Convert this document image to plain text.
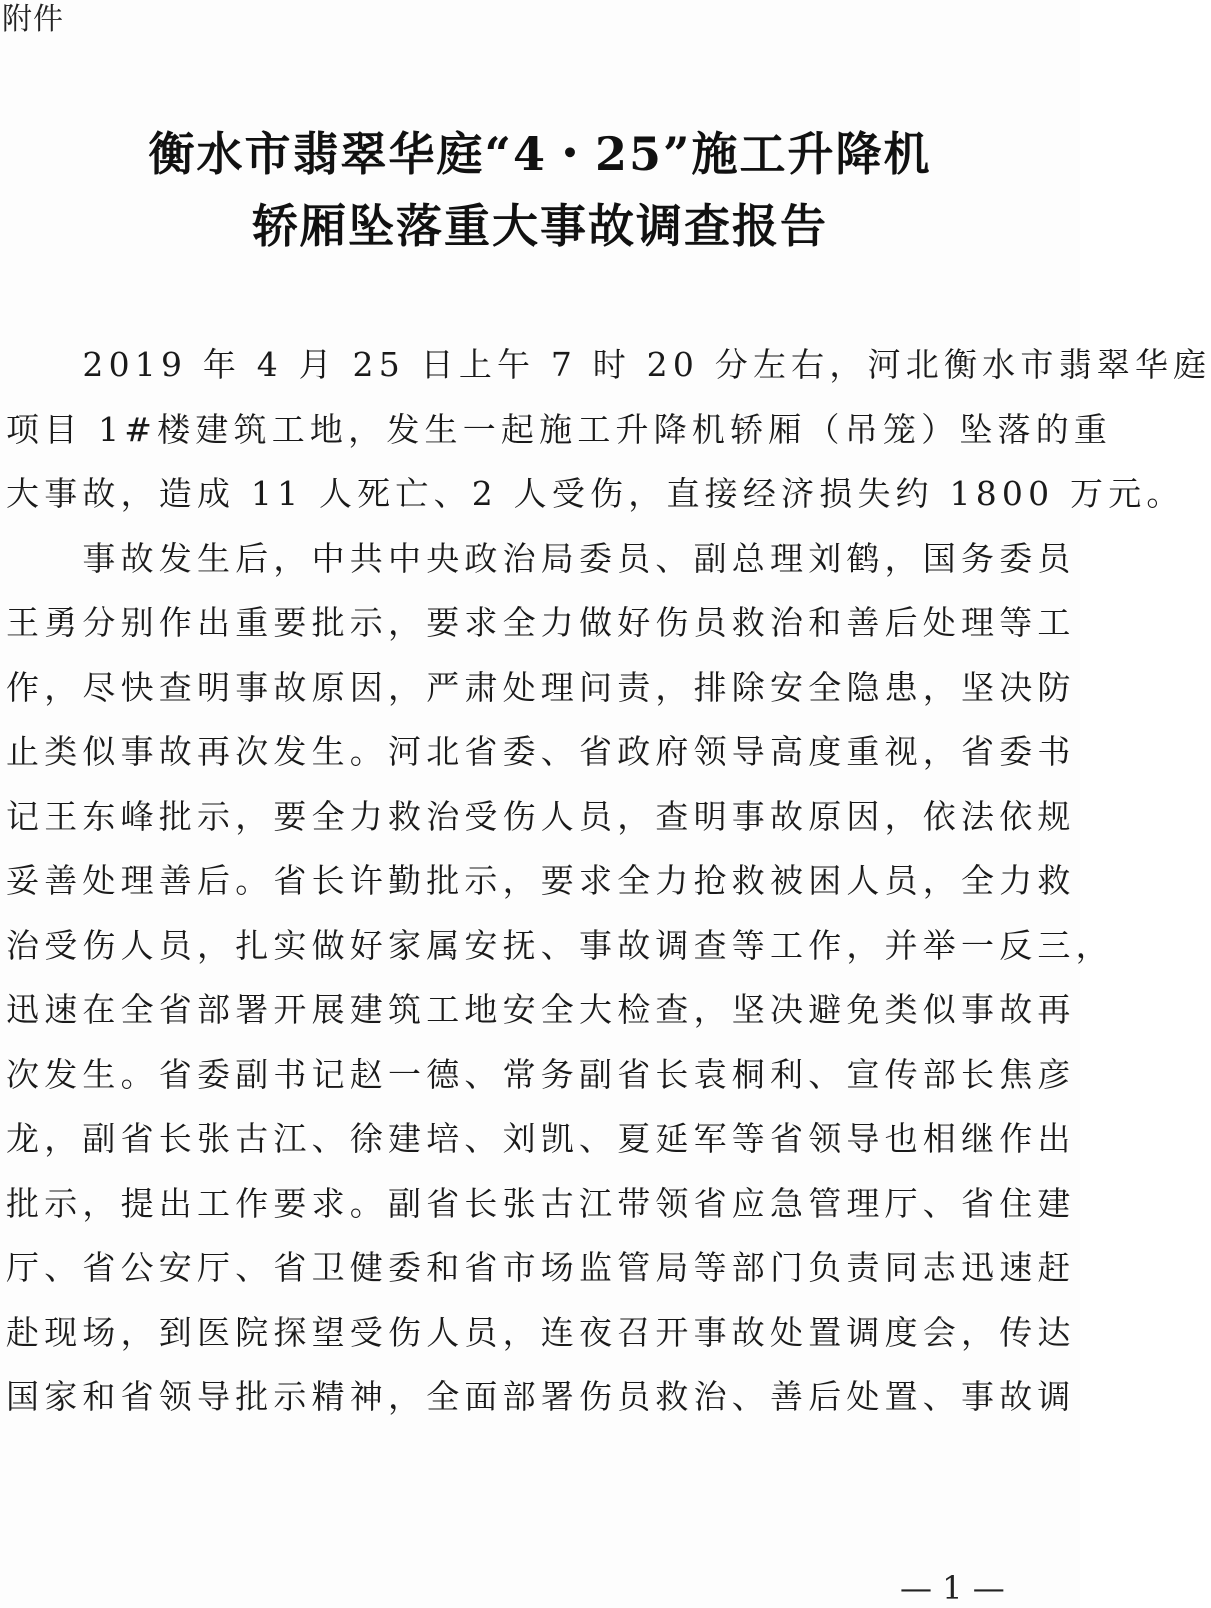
附件
衡水市翡翠华庭“4・25”施工升降机
轿厢坠落重大事故调查报告
　　2019 年 4 月 25 日上午 7 时 20 分左右，河北衡水市翡翠华庭
项目 1#楼建筑工地，发生一起施工升降机轿厢（吊笼）坠落的重
大事故，造成 11 人死亡、2 人受伤，直接经济损失约 1800 万元。
　　事故发生后，中共中央政治局委员、副总理刘鹤，国务委员
王勇分别作出重要批示，要求全力做好伤员救治和善后处理等工
作，尽快查明事故原因，严肃处理问责，排除安全隐患，坚决防
止类似事故再次发生。河北省委、省政府领导高度重视，省委书
记王东峰批示，要全力救治受伤人员，查明事故原因，依法依规
妥善处理善后。省长许勤批示，要求全力抢救被困人员，全力救
治受伤人员，扎实做好家属安抚、事故调查等工作，并举一反三，
迅速在全省部署开展建筑工地安全大检查，坚决避免类似事故再
次发生。省委副书记赵一德、常务副省长袁桐利、宣传部长焦彦
龙，副省长张古江、徐建培、刘凯、夏延军等省领导也相继作出
批示，提出工作要求。副省长张古江带领省应急管理厅、省住建
厅、省公安厅、省卫健委和省市场监管局等部门负责同志迅速赶
赴现场，到医院探望受伤人员，连夜召开事故处置调度会，传达
国家和省领导批示精神，全面部署伤员救治、善后处置、事故调
— 1 —
